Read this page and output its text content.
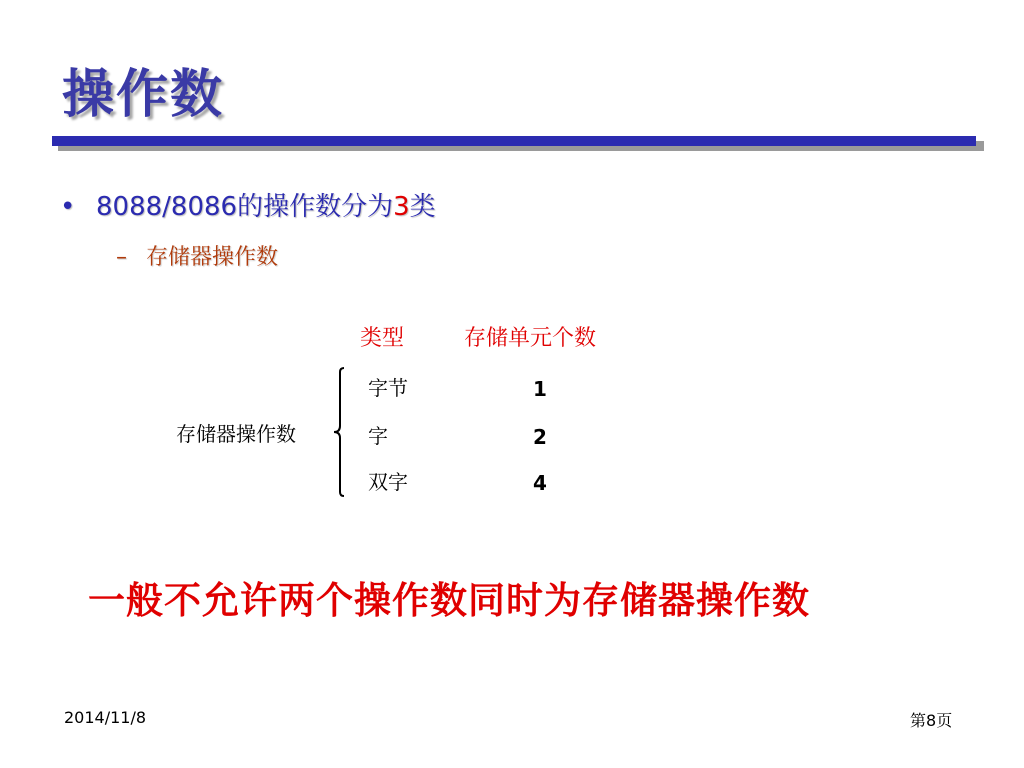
操作数
• 8088/8086的操作数分为3类
– 存储器操作数
类型	存储单元个数
存储器操作数
字节
字
双字
1
2
4
一般不允许两个操作数同时为存储器操作数
2014/11/8	第8页
